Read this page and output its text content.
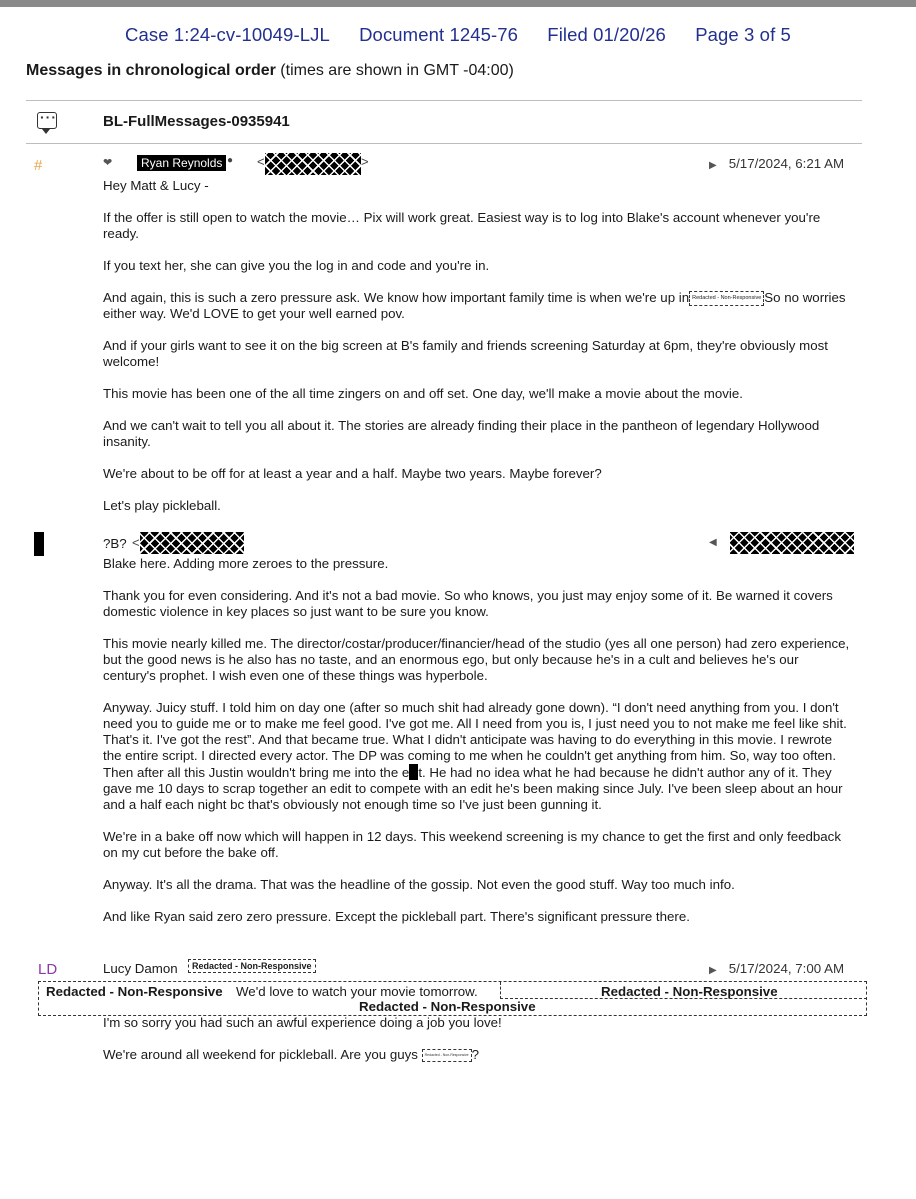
Case 1:24-cv-10049-LJL Document 1245-76 Filed 01/20/26 Page 3 of 5
Messages in chronological order (times are shown in GMT -04:00)
···
BL-FullMessages-0935941
#	❤	Ryan Reynolds ● <	>	▶ 5/17/2024, 6:21 AM

Hey Matt & Lucy -

If the offer is still open to watch the movie… Pix will work great. Easiest way is to log into Blake's account whenever you're ready.

If you text her, she can give you the log in and code and you're in.

And again, this is such a zero pressure ask. We know how important family time is when we're up in Redacted - Non-Responsive So no worries either way. We'd LOVE to get your well earned pov.

And if your girls want to see it on the big screen at B's family and friends screening Saturday at 6pm, they're obviously most welcome!

This movie has been one of the all time zingers on and off set. One day, we'll make a movie about the movie.

And we can't wait to tell you all about it. The stories are already finding their place in the pantheon of legendary Hollywood insanity.

We're about to be off for at least a year and a half. Maybe two years. Maybe forever?

Let's play pickleball.

?B? <	◀

Blake here. Adding more zeroes to the pressure.

Thank you for even considering. And it's not a bad movie. So who knows, you just may enjoy some of it. Be warned it covers domestic violence in key places so just want to be sure you know.

This movie nearly killed me. The director/costar/producer/financier/head of the studio (yes all one person) had zero experience, but the good news is he also has no taste, and an enormous ego, but only because he's in a cult and believes he's our century's prophet. I wish even one of these things was hyperbole.

Anyway. Juicy stuff. I told him on day one (after so much shit had already gone down). “I don't need anything from you. I don't need you to guide me or to make me feel good. I've got me. All I need from you is, I just need you to not make me feel like shit. That's it. I've got the rest”. And that became true. What I didn't anticipate was having to do everything in this movie. I rewrote the entire script. I directed every actor. The DP was coming to me when he couldn't get anything from him. So, way too often. Then after all this Justin wouldn't bring me into the e t. He had no idea what he had because he didn't author any of it. They gave me 10 days to scrap together an edit to compete with an edit he's been making since July. I've been sleep about an hour and a half each night bc that's obviously not enough time so I've just been gunning it.

We're in a bake off now which will happen in 12 days. This weekend screening is my chance to get the first and only feedback on my cut before the bake off.

Anyway. It's all the drama. That was the headline of the gossip. Not even the good stuff. Way too much info.

And like Ryan said zero zero pressure. Except the pickleball part. There's significant pressure there.

LD	Lucy Damon	Redacted - Non-Responsive	▶ 5/17/2024, 7:00 AM
Redacted - Non-Responsive We'd love to watch your movie tomorrow.	Redacted - Non-Responsive
Redacted - Non-Responsive

I'm so sorry you had such an awful experience doing a job you love!

We're around all weekend for pickleball. Are you guys Redacted - Non-Responsive ?
